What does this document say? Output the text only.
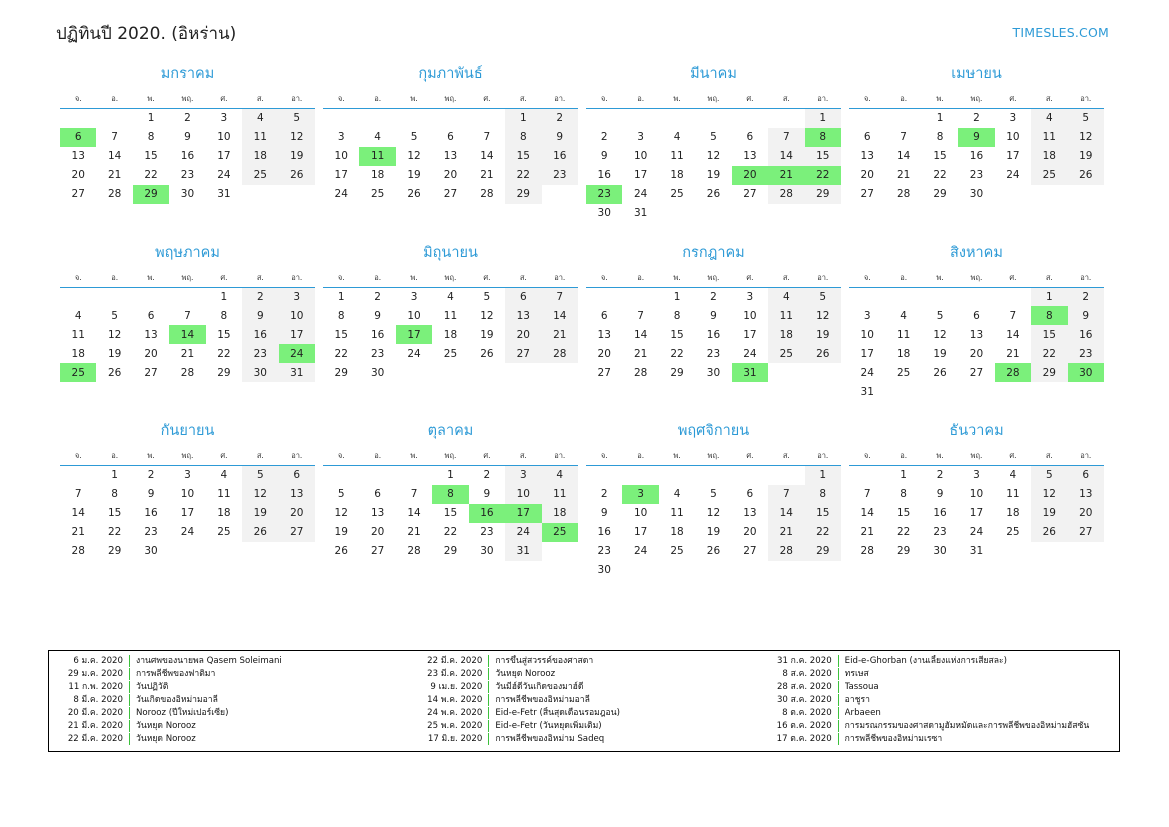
ปฏิทินปี 2020. (อิหร่าน)	TIMESLES.COM
มกราคม
จ.	อ.	พ.	พฤ.	ศ.	ส.	อา.
		1	2	3	4	5
6	7	8	9	10	11	12
13	14	15	16	17	18	19
20	21	22	23	24	25	26
27	28	29	30	31		
กุมภาพันธ์
จ.	อ.	พ.	พฤ.	ศ.	ส.	อา.
					1	2
3	4	5	6	7	8	9
10	11	12	13	14	15	16
17	18	19	20	21	22	23
24	25	26	27	28	29	
มีนาคม
จ.	อ.	พ.	พฤ.	ศ.	ส.	อา.
						1
2	3	4	5	6	7	8
9	10	11	12	13	14	15
16	17	18	19	20	21	22
23	24	25	26	27	28	29
30	31					
เมษายน
จ.	อ.	พ.	พฤ.	ศ.	ส.	อา.
		1	2	3	4	5
6	7	8	9	10	11	12
13	14	15	16	17	18	19
20	21	22	23	24	25	26
27	28	29	30			
พฤษภาคม
จ.	อ.	พ.	พฤ.	ศ.	ส.	อา.
				1	2	3
4	5	6	7	8	9	10
11	12	13	14	15	16	17
18	19	20	21	22	23	24
25	26	27	28	29	30	31
มิถุนายน
จ.	อ.	พ.	พฤ.	ศ.	ส.	อา.
1	2	3	4	5	6	7
8	9	10	11	12	13	14
15	16	17	18	19	20	21
22	23	24	25	26	27	28
29	30					
กรกฎาคม
จ.	อ.	พ.	พฤ.	ศ.	ส.	อา.
		1	2	3	4	5
6	7	8	9	10	11	12
13	14	15	16	17	18	19
20	21	22	23	24	25	26
27	28	29	30	31		
สิงหาคม
จ.	อ.	พ.	พฤ.	ศ.	ส.	อา.
					1	2
3	4	5	6	7	8	9
10	11	12	13	14	15	16
17	18	19	20	21	22	23
24	25	26	27	28	29	30
31						
กันยายน
จ.	อ.	พ.	พฤ.	ศ.	ส.	อา.
	1	2	3	4	5	6
7	8	9	10	11	12	13
14	15	16	17	18	19	20
21	22	23	24	25	26	27
28	29	30				
ตุลาคม
จ.	อ.	พ.	พฤ.	ศ.	ส.	อา.
			1	2	3	4
5	6	7	8	9	10	11
12	13	14	15	16	17	18
19	20	21	22	23	24	25
26	27	28	29	30	31	
พฤศจิกายน
จ.	อ.	พ.	พฤ.	ศ.	ส.	อา.
						1
2	3	4	5	6	7	8
9	10	11	12	13	14	15
16	17	18	19	20	21	22
23	24	25	26	27	28	29
30						
ธันวาคม
จ.	อ.	พ.	พฤ.	ศ.	ส.	อา.
	1	2	3	4	5	6
7	8	9	10	11	12	13
14	15	16	17	18	19	20
21	22	23	24	25	26	27
28	29	30	31			
6 ม.ค. 2020	งานศพของนายพล Qasem Soleimani
29 ม.ค. 2020	การพลีชีพของฟาติมา
11 ก.พ. 2020	วันปฏิวัติ
8 มี.ค. 2020	วันเกิดของอิหม่ามอาลี
20 มี.ค. 2020	Norooz (ปีใหม่เปอร์เซีย)
21 มี.ค. 2020	วันหยุด Norooz
22 มี.ค. 2020	วันหยุด Norooz
22 มี.ค. 2020	การขึ้นสู่สวรรค์ของศาสดา
23 มี.ค. 2020	วันหยุด Norooz
9 เม.ย. 2020	วันมีฮ์ดีวันเกิดของมาฮ์ดี
14 พ.ค. 2020	การพลีชีพของอิหม่ามอาลี
24 พ.ค. 2020	Eid-e-Fetr (สิ้นสุดเดือนรอมฎอน)
25 พ.ค. 2020	Eid-e-Fetr (วันหยุดเพิ่มเติม)
17 มิ.ย. 2020	การพลีชีพของอิหม่าม Sadeq
31 ก.ค. 2020	Eid-e-Ghorban (งานเลี้ยงแห่งการเสียสละ)
8 ส.ค. 2020	ทรเษส
28 ส.ค. 2020	Tassoua
30 ส.ค. 2020	อาชูรา
8 ต.ค. 2020	Arbaeen
16 ต.ค. 2020	การมรณกรรมของศาสดามูฮัมหมัดและการพลีชีพของอิหม่ามฮัสซัน
17 ต.ค. 2020	การพลีชีพของอิหม่ามเรซา
